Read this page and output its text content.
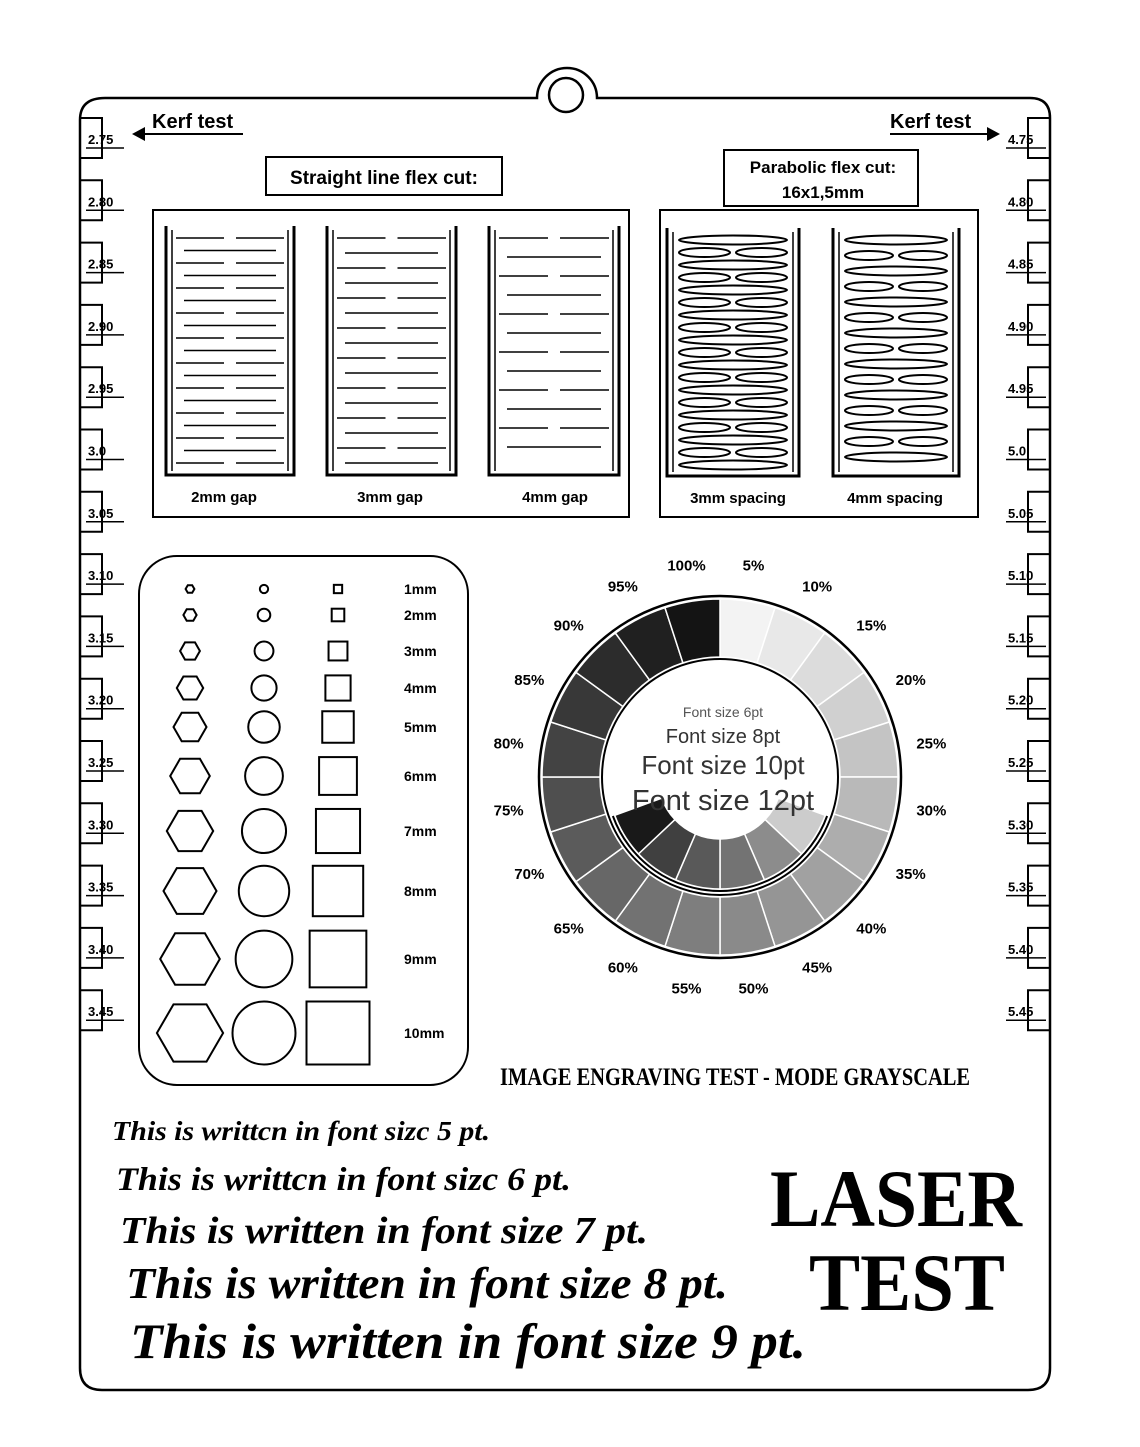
Kerf test	Kerf test
2.75
2.80
2.85
2.90
2.95
3.0
3.05
3.10
3.15
3.20
3.25
3.30
3.35
3.40
3.45
4.75
4.80
4.85
4.90
4.95
5.0
5.05
5.10
5.15
5.20
5.25
5.30
5.35
5.40
5.45
Straight line flex cut:
2mm gap	3mm gap	4mm gap
Parabolic flex cut:
16x1,5mm
3mm spacing	4mm spacing
1mm
2mm
3mm
4mm
5mm
6mm
7mm
8mm
9mm
10mm
5%
10%
15%
20%
25%
30%
35%
40%
45%
50%
55%
60%
65%
70%
75%
80%
85%
90%
95%
100%
Font size 6pt
Font size 8pt
Font size 10pt
Font size 12pt
IMAGE ENGRAVING TEST - MODE GRAYSCALE
This is writtcn in font sizc 5 pt.
This is writtcn in font sizc 6 pt.
This is written in font size 7 pt.
This is written in font size 8 pt.
This is written in font size 9 pt.
LASER
TEST
